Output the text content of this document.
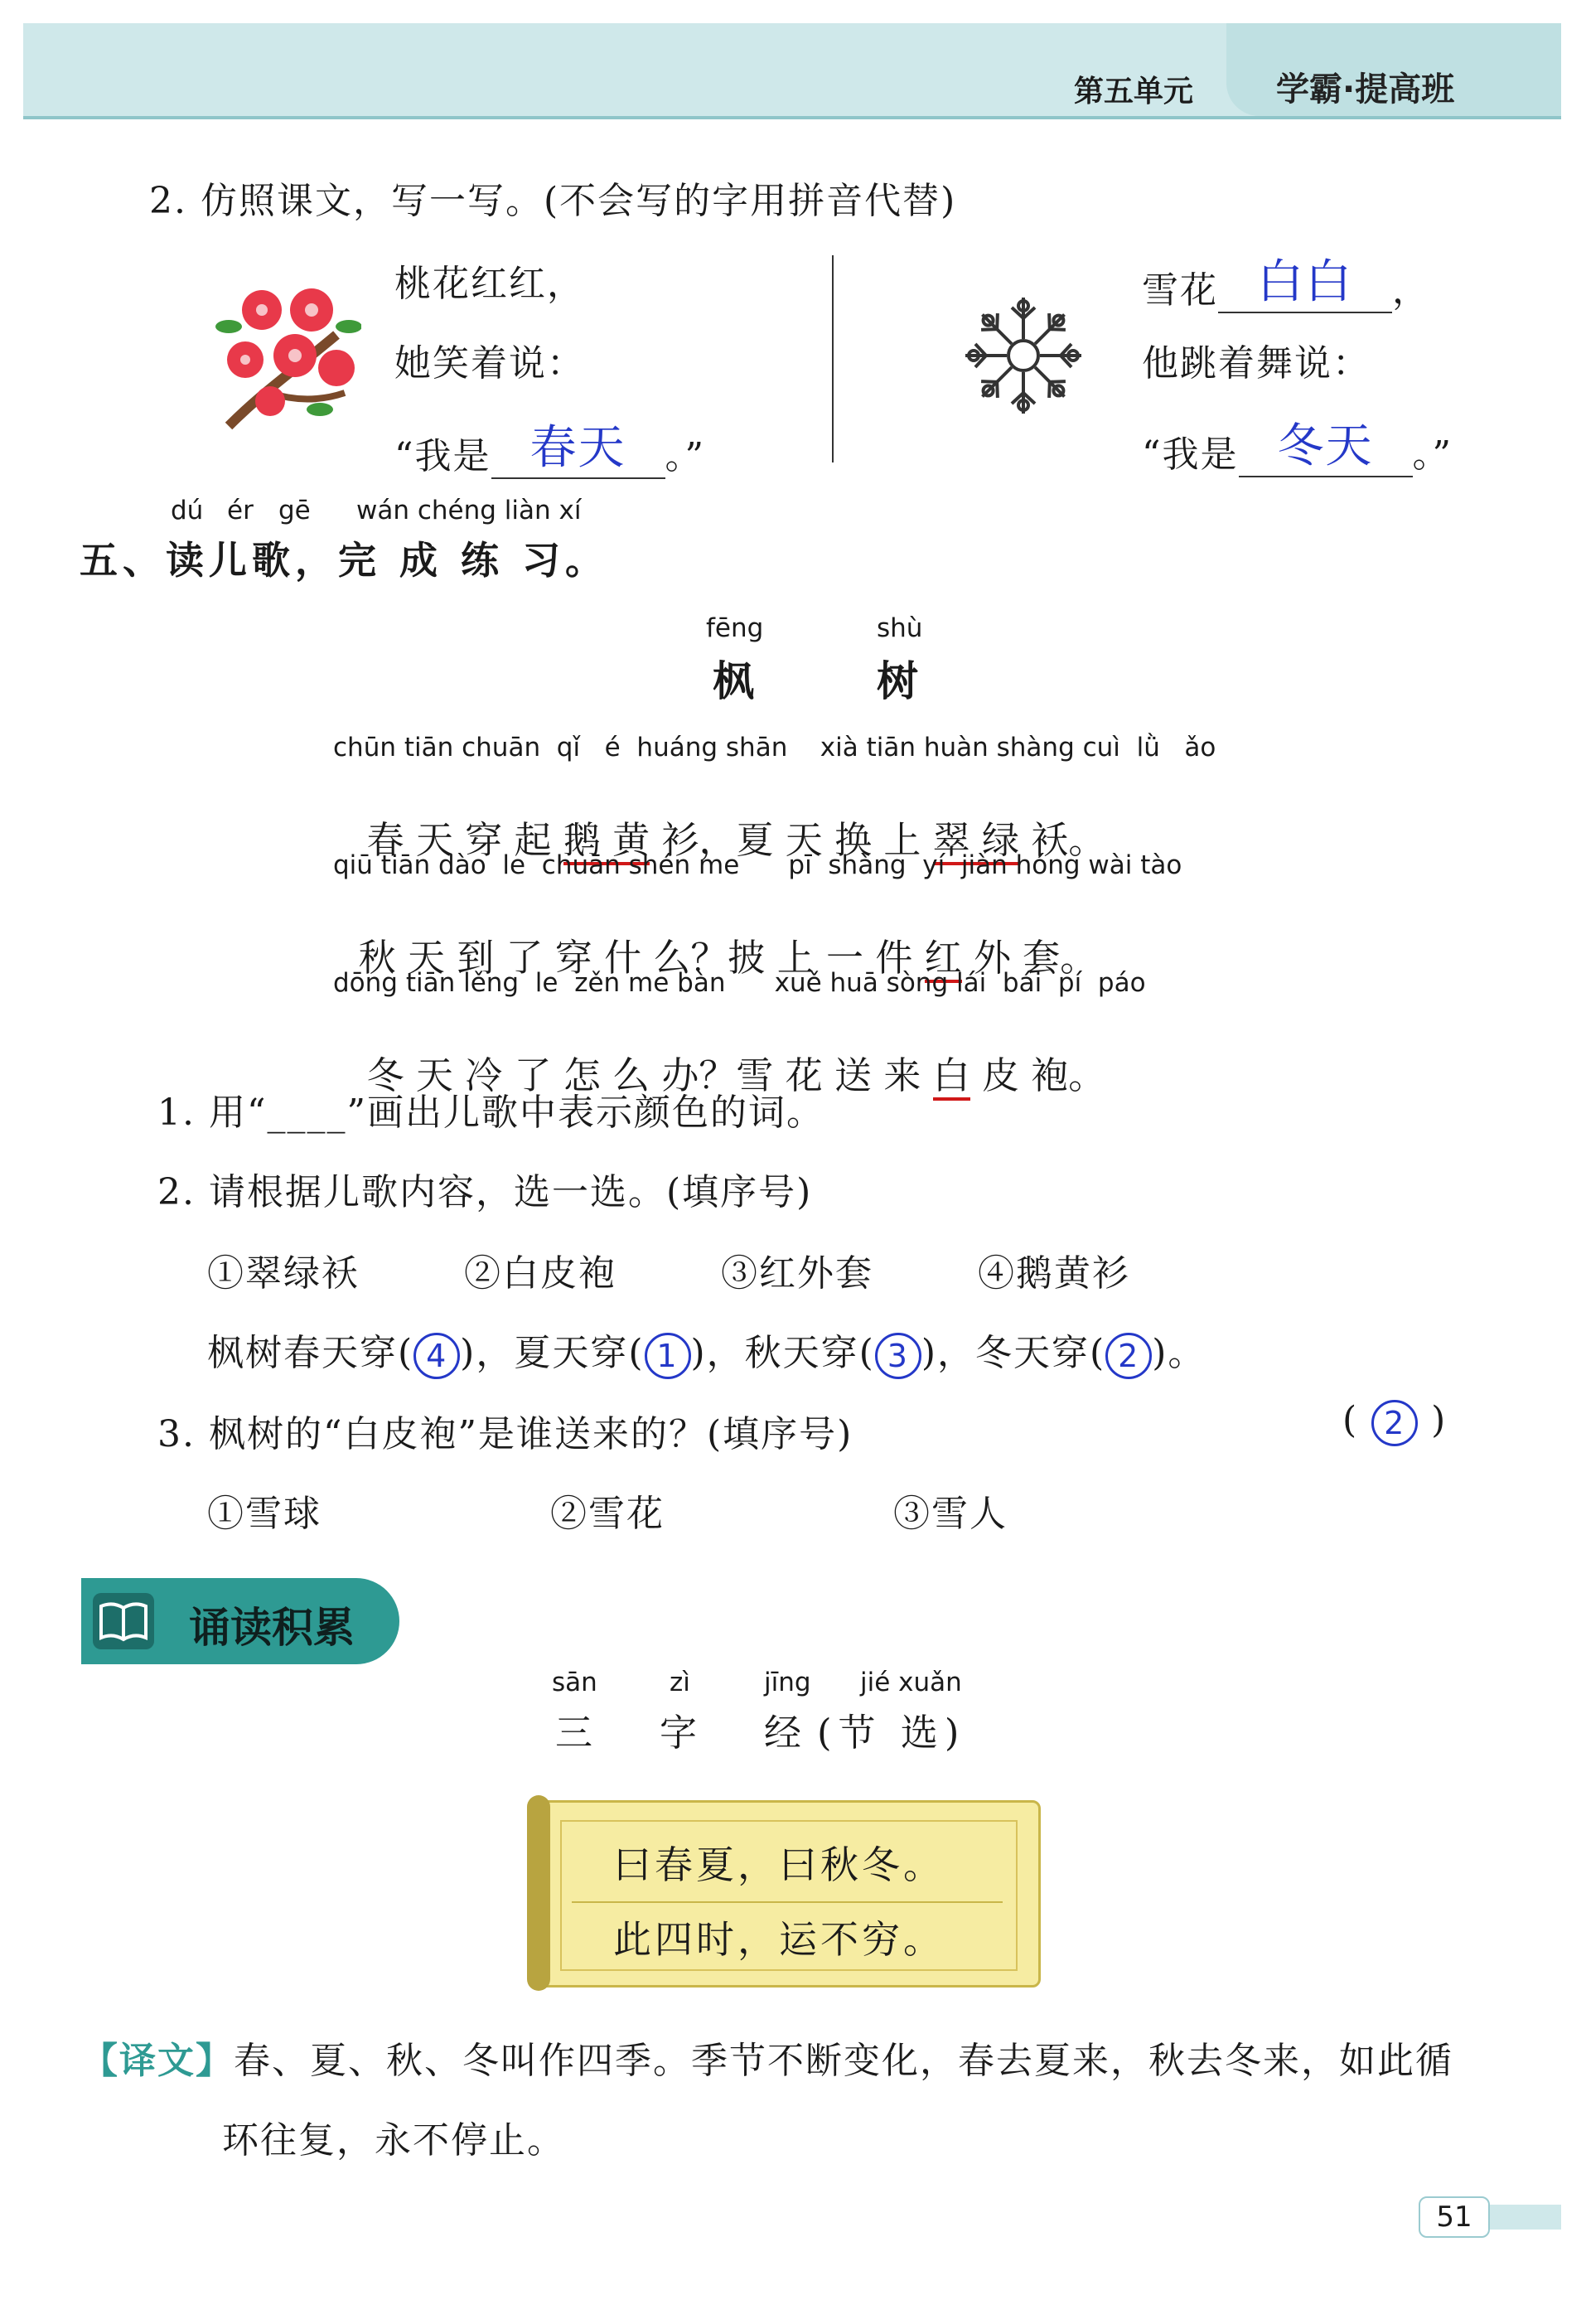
第五单元 学霸·提高班
2. 仿照课文，写一写。(不会写的字用拼音代替)
桃花红红，
她笑着说：
“我是 春天 。”
雪花 白白 ，
他跳着舞说：
“我是 冬天 。”
dú ér gē wán chéng liàn xí
五、读儿歌，完 成 练 习。
fēng	shù
枫	树
chūn tiān chuān  qǐ   é  huáng shān    xià tiān huàn shàng cuì  lǜ   ǎo

春 天 穿 起 鹅 黄 衫，夏 天 换 上 翠 绿 袄。

qiū tiān dào  le  chuān shén me      pī  shàng  yí  jiàn hóng wài tào

秋 天 到 了 穿 什 么？披 上 一 件 红 外 套。

dōng tiān lěng  le  zěn me bàn      xuě huā sòng lái  bái  pí  páo

冬 天 冷 了 怎 么 办？雪 花 送 来 白 皮 袍。

1. 用“____”画出儿歌中表示颜色的词。
2. 请根据儿歌内容，选一选。(填序号)
①翠绿袄	②白皮袍	③红外套	④鹅黄衫
枫树春天穿( 4 )，夏天穿( 1 )，秋天穿( 3 )，冬天穿( 2 )。
3. 枫树的“白皮袍”是谁送来的？(填序号)	( 2 )
①雪球	②雪花	③雪人
诵读积累
sān	zì	jīng jié xuǎn
三 字 经 (节 选)
曰春夏，曰秋冬。
此四时，运不穷。
【译文】春、夏、秋、冬叫作四季。季节不断变化，春去夏来，秋去冬来，如此循
环往复，永不停止。
51
